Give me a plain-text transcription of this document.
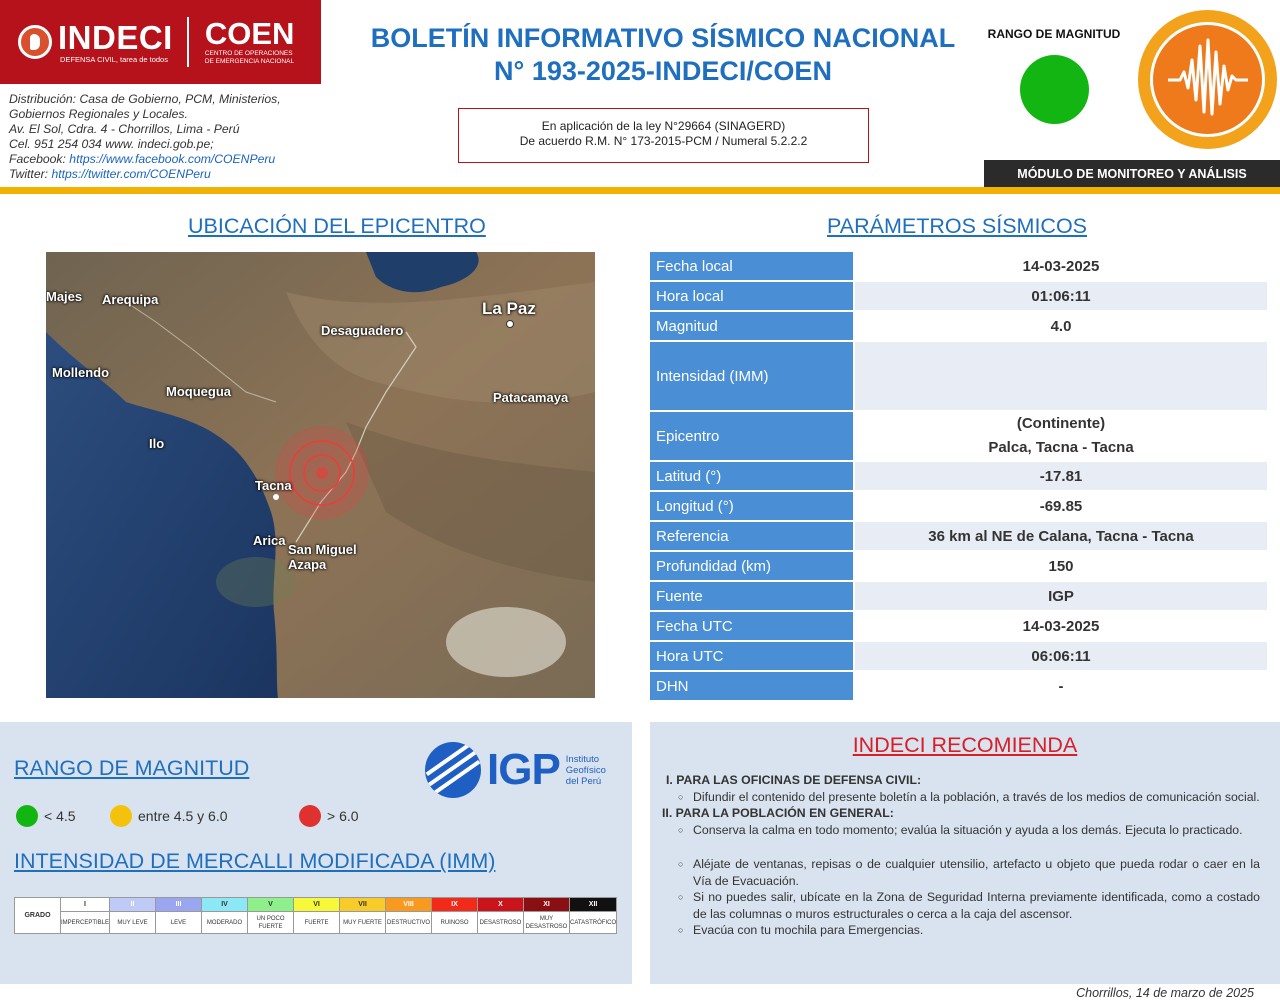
INDECI
DEFENSA CIVIL, tarea de todos
COEN
CENTRO DE OPERACIONES
DE EMERGENCIA NACIONAL
Distribución: Casa de Gobierno, PCM, Ministerios,
Gobiernos Regionales y Locales.
Av. El Sol, Cdra. 4 - Chorrillos, Lima - Perú
Cel. 951 254 034 www. indeci.gob.pe;
Facebook: https://www.facebook.com/COENPeru
Twitter: https://twitter.com/COENPeru
BOLETÍN INFORMATIVO SÍSMICO NACIONAL
N° 193-2025-INDECI/COEN
En aplicación de la ley N°29664 (SINAGERD)
De acuerdo R.M. N° 173-2015-PCM / Numeral 5.2.2.2
RANGO DE MAGNITUD
MÓDULO DE MONITOREO Y ANÁLISIS
UBICACIÓN DEL EPICENTRO
Majes Arequipa	La Paz
Desaguadero
Mollendo
Moquegua	Patacamaya
Ilo
Tacna
Arica
San Miguel
Azapa
PARÁMETROS SÍSMICOS
Fecha local	14-03-2025
Hora local	01:06:11
Magnitud	4.0
Intensidad (IMM)	
Epicentro	(Continente)
Palca, Tacna - Tacna

Latitud (°)	-17.81
Longitud (°)	-69.85
Referencia	36 km al NE de Calana, Tacna - Tacna
Profundidad (km)	150
Fuente	IGP
Fecha UTC	14-03-2025
Hora UTC	06:06:11
DHN	-
RANGO DE MAGNITUD	IGP Instituto
Geofísico
del Perú
< 4.5	entre 4.5 y 6.0	> 6.0
INTENSIDAD DE MERCALLI MODIFICADA (IMM)
GRADO	I	II	III	IV	V	VI	VII	VIII	IX	X	XI	XII
	IMPERCEPTIBLE	MUY LEVE	LEVE	MODERADO	UN POCO FUERTE	FUERTE	MUY FUERTE	DESTRUCTIVO	RUINOSO	DESASTROSO	MUY DESASTROSO	CATASTRÓFICO
INDECI RECOMIENDA
I. PARA LAS OFICINAS DE DEFENSA CIVIL:
○ Difundir el contenido del presente boletín a la población, a través de los medios de comunicación social.
II. PARA LA POBLACIÓN EN GENERAL:
○ Conserva la calma en todo momento; evalúa la situación y ayuda a los demás. Ejecuta lo practicado.
○ Aléjate de ventanas, repisas o de cualquier utensilio, artefacto u objeto que pueda rodar o caer en la Vía de Evacuación.
○ Si no puedes salir, ubícate en la Zona de Seguridad Interna previamente identificada, como a costado de las columnas o muros estructurales o cerca a la caja del ascensor.
○ Evacúa con tu mochila para Emergencias.
Chorrillos, 14 de marzo de 2025
